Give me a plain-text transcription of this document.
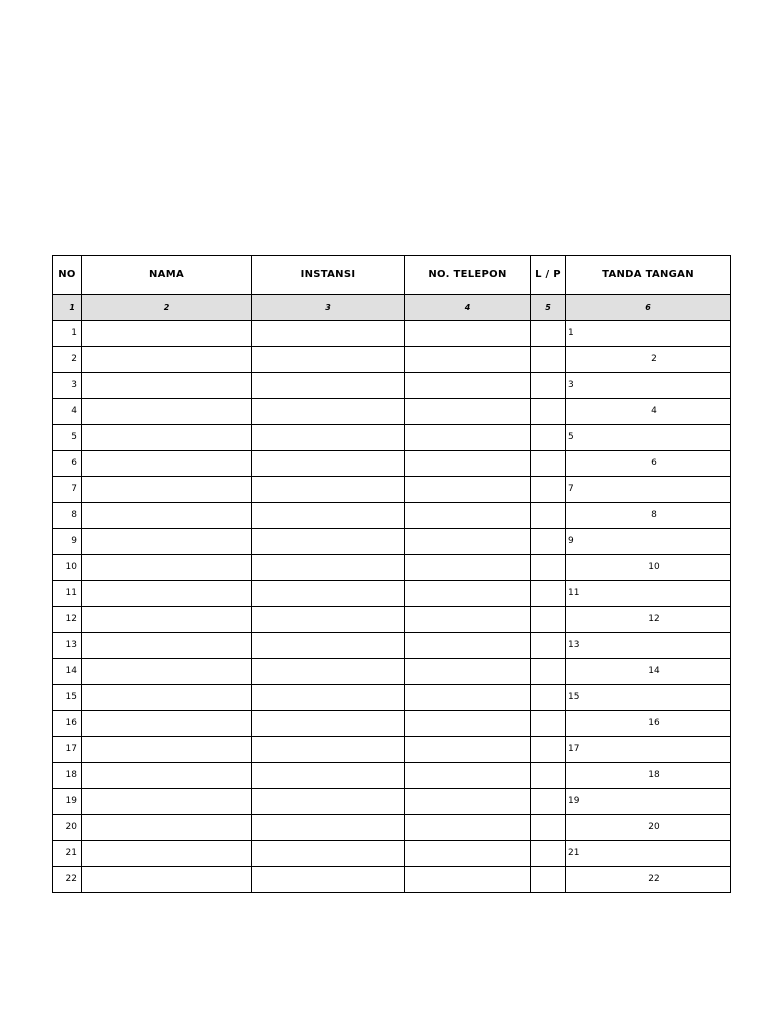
NO	NAMA	INSTANSI	NO. TELEPON	L / P	TANDA TANGAN
1	2	3	4	5	6
1					1
2					2
3					3
4					4
5					5
6					6
7					7
8					8
9					9
10					10
11					11
12					12
13					13
14					14
15					15
16					16
17					17
18					18
19					19
20					20
21					21
22					22
